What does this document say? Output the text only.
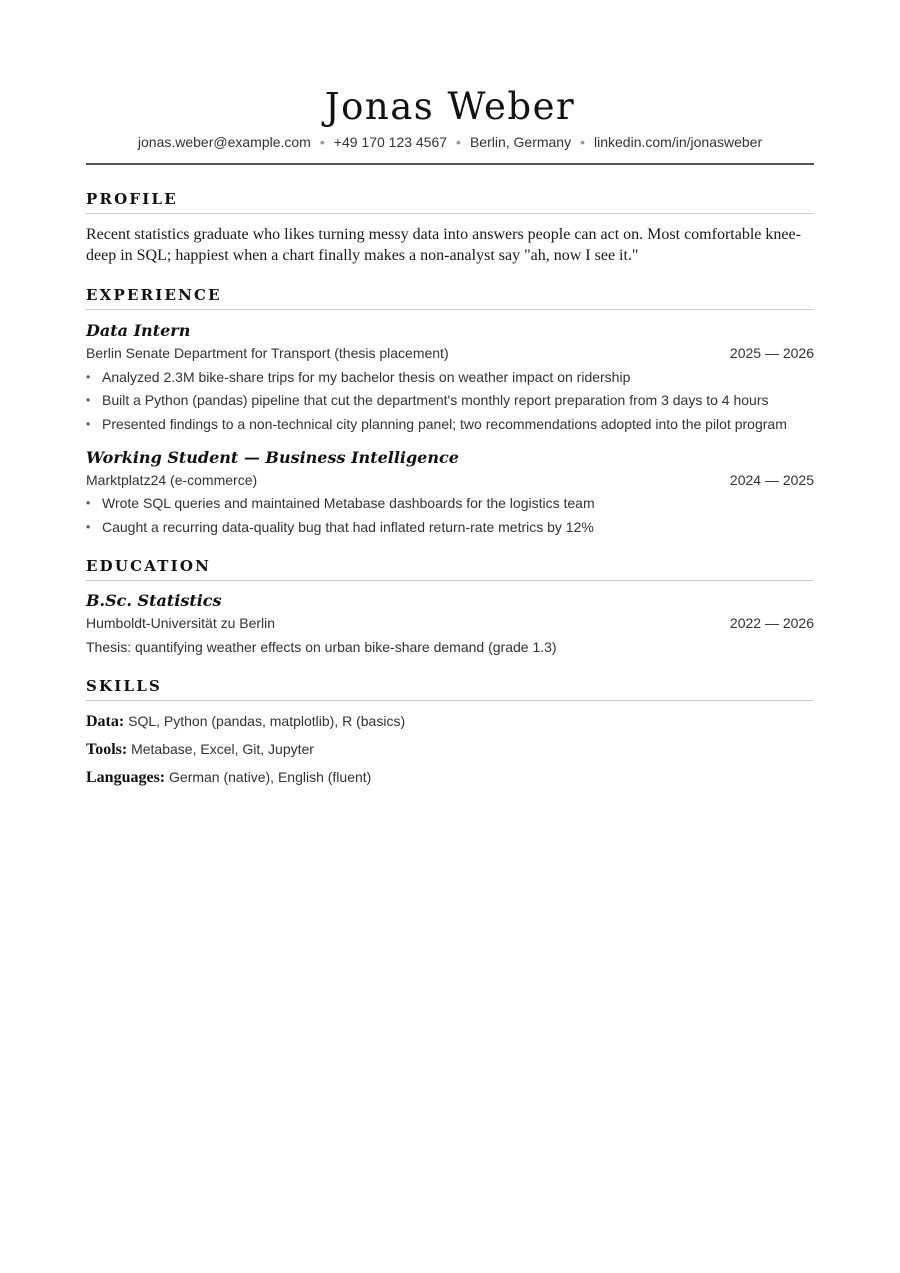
Jonas Weber
jonas.weber@example.com • +49 170 123 4567 • Berlin, Germany • linkedin.com/in/jonasweber
PROFILE
Recent statistics graduate who likes turning messy data into answers people can act on. Most comfortable knee-deep in SQL; happiest when a chart finally makes a non-analyst say "ah, now I see it."
EXPERIENCE
Data Intern
Berlin Senate Department for Transport (thesis placement)	2025 — 2026
• Analyzed 2.3M bike-share trips for my bachelor thesis on weather impact on ridership
• Built a Python (pandas) pipeline that cut the department's monthly report preparation from 3 days to 4 hours
• Presented findings to a non-technical city planning panel; two recommendations adopted into the pilot program
Working Student — Business Intelligence
Marktplatz24 (e-commerce)	2024 — 2025
• Wrote SQL queries and maintained Metabase dashboards for the logistics team
• Caught a recurring data-quality bug that had inflated return-rate metrics by 12%
EDUCATION
B.Sc. Statistics
Humboldt-Universität zu Berlin	2022 — 2026
Thesis: quantifying weather effects on urban bike-share demand (grade 1.3)
SKILLS
Data: SQL, Python (pandas, matplotlib), R (basics)
Tools: Metabase, Excel, Git, Jupyter
Languages: German (native), English (fluent)
